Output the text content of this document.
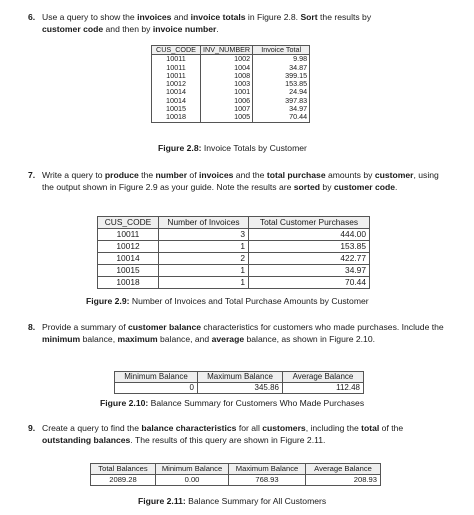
6. Use a query to show the invoices and invoice totals in Figure 2.8. Sort the results by
customer code and then by invoice number.
CUS_CODE	INV_NUMBER	Invoice Total
10011	1002	9.98
10011	1004	34.87
10011	1008	399.15
10012	1003	153.85
10014	1001	24.94
10014	1006	397.83
10015	1007	34.97
10018	1005	70.44
Figure 2.8: Invoice Totals by Customer
7. Write a query to produce the number of invoices and the total purchase amounts by customer, using the output shown in Figure 2.9 as your guide. Note the results are sorted by customer code.
CUS_CODE	Number of Invoices	Total Customer Purchases
10011	3	444.00
10012	1	153.85
10014	2	422.77
10015	1	34.97
10018	1	70.44
Figure 2.9: Number of Invoices and Total Purchase Amounts by Customer
8. Provide a summary of customer balance characteristics for customers who made purchases. Include the minimum balance, maximum balance, and average balance, as shown in Figure 2.10.
Minimum Balance	Maximum Balance	Average Balance
0	345.86	112.48
Figure 2.10: Balance Summary for Customers Who Made Purchases
9. Create a query to find the balance characteristics for all customers, including the total of the outstanding balances. The results of this query are shown in Figure 2.11.
Total Balances	Minimum Balance	Maximum Balance	Average Balance
2089.28	0.00	768.93	208.93
Figure 2.11: Balance Summary for All Customers
